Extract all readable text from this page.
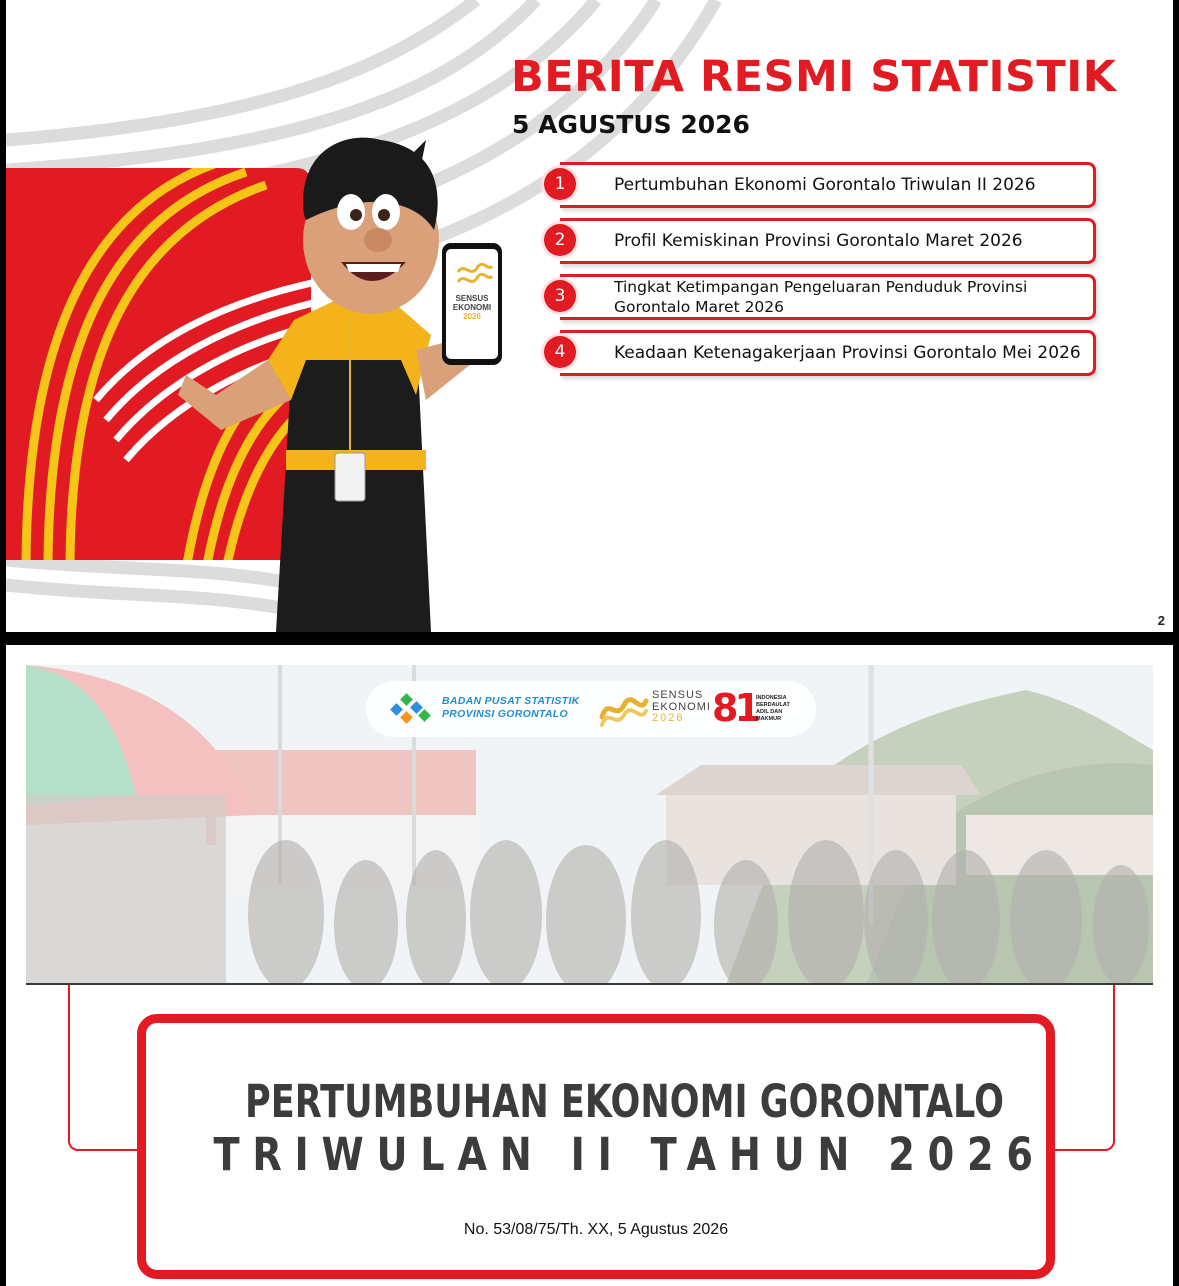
SENSUS
EKONOMI
2026
BERITA RESMI STATISTIK
5 AGUSTUS 2026
1	Pertumbuhan Ekonomi Gorontalo Triwulan II 2026
2	Profil Kemiskinan Provinsi Gorontalo Maret 2026
3	Tingkat Ketimpangan Pengeluaran Penduduk Provinsi Gorontalo Maret 2026
4	Keadaan Ketenagakerjaan Provinsi Gorontalo Mei 2026
2
BADAN PUSAT STATISTIK
PROVINSI GORONTALO
SENSUS
EKONOMI
2026 81 INDONESIA
BERDAULAT
ADIL DAN
MAKMUR
PERTUMBUHAN EKONOMI GORONTALO
TRIWULAN II TAHUN 2026
No. 53/08/75/Th. XX, 5 Agustus 2026
